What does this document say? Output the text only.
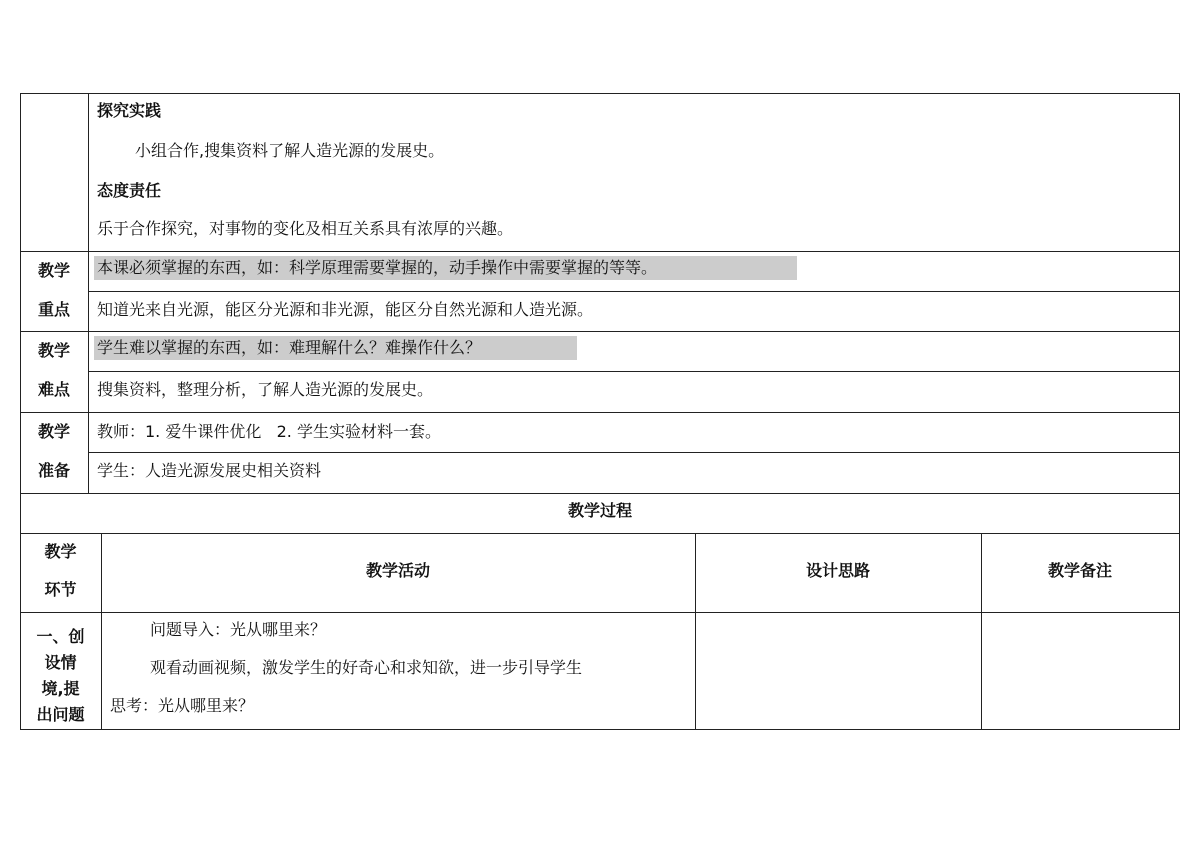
探究实践
小组合作,搜集资料了解人造光源的发展史。
态度责任
乐于合作探究，对事物的变化及相互关系具有浓厚的兴趣。
教学
重点
本课必须掌握的东西，如：科学原理需要掌握的，动手操作中需要掌握的等等。
知道光来自光源，能区分光源和非光源，能区分自然光源和人造光源。
教学
难点
学生难以掌握的东西，如：难理解什么？难操作什么？
搜集资料，整理分析，了解人造光源的发展史。
教学
准备
教师：1. 爱牛课件优化   2. 学生实验材料一套。
学生：人造光源发展史相关资料
教学过程
教学
环节
教学活动	设计思路	教学备注
一、创
设情
境,提
出问题
问题导入：光从哪里来？
观看动画视频，激发学生的好奇心和求知欲，进一步引导学生
思考：光从哪里来？
